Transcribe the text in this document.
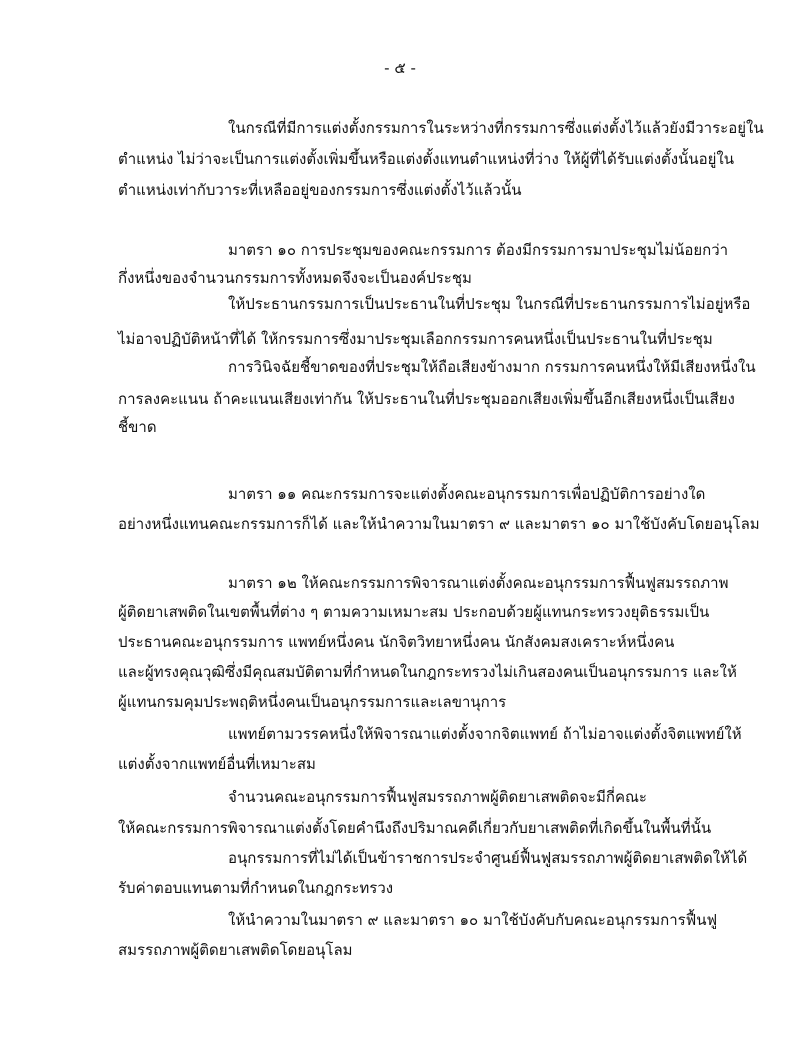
- ๕ -
ในกรณีที่มีการแต่งตั้งกรรมการในระหว่างที่กรรมการซึ่งแต่งตั้งไว้แล้วยังมีวาระอยู่ใน
ตำแหน่ง ไม่ว่าจะเป็นการแต่งตั้งเพิ่มขึ้นหรือแต่งตั้งแทนตำแหน่งที่ว่าง ให้ผู้ที่ได้รับแต่งตั้งนั้นอยู่ใน
ตำแหน่งเท่ากับวาระที่เหลืออยู่ของกรรมการซึ่งแต่งตั้งไว้แล้วนั้น
มาตรา ๑๐ การประชุมของคณะกรรมการ ต้องมีกรรมการมาประชุมไม่น้อยกว่า
กึ่งหนึ่งของจำนวนกรรมการทั้งหมดจึงจะเป็นองค์ประชุม
ให้ประธานกรรมการเป็นประธานในที่ประชุม ในกรณีที่ประธานกรรมการไม่อยู่หรือ
ไม่อาจปฏิบัติหน้าที่ได้ ให้กรรมการซึ่งมาประชุมเลือกกรรมการคนหนึ่งเป็นประธานในที่ประชุม
การวินิจฉัยชี้ขาดของที่ประชุมให้ถือเสียงข้างมาก กรรมการคนหนึ่งให้มีเสียงหนึ่งใน
การลงคะแนน ถ้าคะแนนเสียงเท่ากัน ให้ประธานในที่ประชุมออกเสียงเพิ่มขึ้นอีกเสียงหนึ่งเป็นเสียง
ชี้ขาด
มาตรา ๑๑ คณะกรรมการจะแต่งตั้งคณะอนุกรรมการเพื่อปฏิบัติการอย่างใด
อย่างหนึ่งแทนคณะกรรมการก็ได้ และให้นำความในมาตรา ๙ และมาตรา ๑๐ มาใช้บังคับโดยอนุโลม
มาตรา ๑๒ ให้คณะกรรมการพิจารณาแต่งตั้งคณะอนุกรรมการฟื้นฟูสมรรถภาพ
ผู้ติดยาเสพติดในเขตพื้นที่ต่าง ๆ ตามความเหมาะสม ประกอบด้วยผู้แทนกระทรวงยุติธรรมเป็น
ประธานคณะอนุกรรมการ แพทย์หนึ่งคน นักจิตวิทยาหนึ่งคน นักสังคมสงเคราะห์หนึ่งคน
และผู้ทรงคุณวุฒิซึ่งมีคุณสมบัติตามที่กำหนดในกฎกระทรวงไม่เกินสองคนเป็นอนุกรรมการ และให้
ผู้แทนกรมคุมประพฤติหนึ่งคนเป็นอนุกรรมการและเลขานุการ
แพทย์ตามวรรคหนึ่งให้พิจารณาแต่งตั้งจากจิตแพทย์ ถ้าไม่อาจแต่งตั้งจิตแพทย์ให้
แต่งตั้งจากแพทย์อื่นที่เหมาะสม
จำนวนคณะอนุกรรมการฟื้นฟูสมรรถภาพผู้ติดยาเสพติดจะมีกี่คณะ
ให้คณะกรรมการพิจารณาแต่งตั้งโดยคำนึงถึงปริมาณคดีเกี่ยวกับยาเสพติดที่เกิดขึ้นในพื้นที่นั้น
อนุกรรมการที่ไม่ได้เป็นข้าราชการประจำศูนย์ฟื้นฟูสมรรถภาพผู้ติดยาเสพติดให้ได้
รับค่าตอบแทนตามที่กำหนดในกฎกระทรวง
ให้นำความในมาตรา ๙ และมาตรา ๑๐ มาใช้บังคับกับคณะอนุกรรมการฟื้นฟู
สมรรถภาพผู้ติดยาเสพติดโดยอนุโลม
